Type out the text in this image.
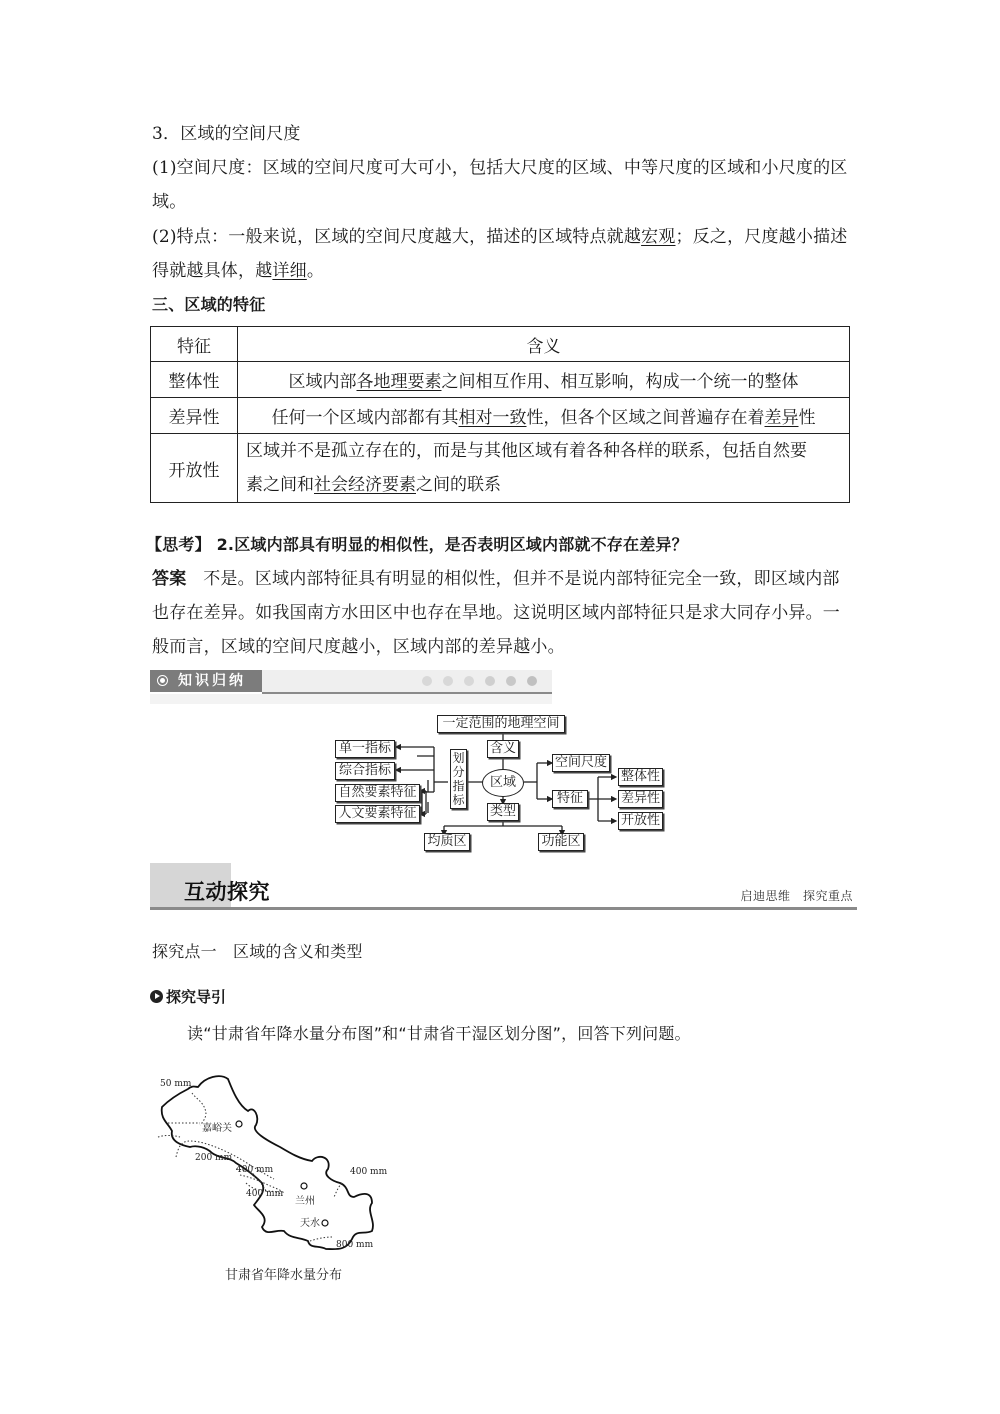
3．区域的空间尺度
(1)空间尺度：区域的空间尺度可大可小，包括大尺度的区域、中等尺度的区域和小尺度的区
域。
(2)特点：一般来说，区域的空间尺度越大，描述的区域特点就越宏观；反之，尺度越小描述
得就越具体，越详细。
三、区域的特征
特征	含义
整体性	区域内部各地理要素之间相互作用、相互影响，构成一个统一的整体
差异性	任何一个区域内部都有其相对一致性，但各个区域之间普遍存在着差异性
开放性	区域并不是孤立存在的，而是与其他区域有着各种各样的联系，包括自然要
素之间和社会经济要素之间的联系
【思考】 2.区域内部具有明显的相似性，是否表明区域内部就不存在差异？
答案 不是。区域内部特征具有明显的相似性，但并不是说内部特征完全一致，即区域内部
也存在差异。如我国南方水田区中也存在旱地。这说明区域内部特征只是求大同存小异。一
般而言，区域的空间尺度越小，区域内部的差异越小。
知识归纳
一定范围的地理空间
含义
区域
类型
划分指标
单一指标
综合指标
自然要素特征
人文要素特征
空间尺度
特征
整体性
差异性
开放性
均质区	功能区
互动探究	启迪思维　探究重点
探究点一　区域的含义和类型
探究导引
读“甘肃省年降水量分布图”和“甘肃省干湿区划分图”，回答下列问题。
50 mm
200 mm
400 mm
400 mm
400 mm
800 mm
嘉峪关
兰州
天水
甘肃省年降水量分布
